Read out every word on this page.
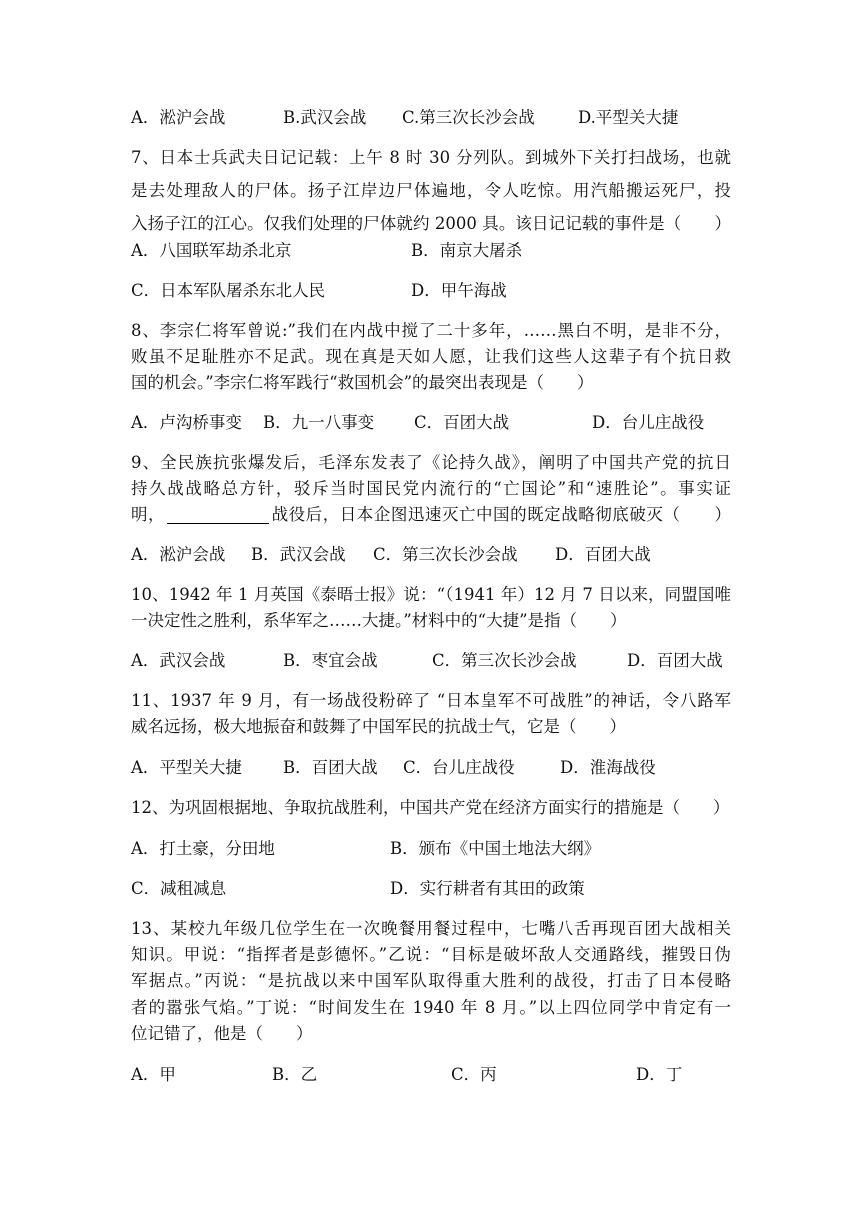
A．淞沪会战	B.武汉会战 C.第三次长沙会战	D.平型关大捷
7、日本士兵武夫日记记载：上午 8 时 30 分列队。到城外下关打扫战场，也就
是去处理敌人的尸体。扬子江岸边尸体遍地，令人吃惊。用汽船搬运死尸，投
入扬子江的江心。仅我们处理的尸体就约 2000 具。该日记记载的事件是（　　）
A．八国联军劫杀北京	B．南京大屠杀
C．日本军队屠杀东北人民	D．甲午海战
8、李宗仁将军曾说:”我们在内战中搅了二十多年，……黑白不明，是非不分，
败虽不足耻胜亦不足武。现在真是天如人愿，让我们这些人这辈子有个抗日救
国的机会。”李宗仁将军践行“救国机会”的最突出表现是（　　）
A．卢沟桥事变 B．九一八事变 C．百团大战	D．台儿庄战役
9、全民族抗张爆发后，毛泽东发表了《论持久战》，阐明了中国共产党的抗日
持久战战略总方针，驳斥当时国民党内流行的“亡国论”和“速胜论”。事实证
明，	战役后，日本企图迅速灭亡中国的既定战略彻底破灭（　　）
A．淞沪会战 B．武汉会战 C．第三次长沙会战 D．百团大战
10、1942 年 1 月英国《泰晤士报》说：“（1941 年）12 月 7 日以来，同盟国唯
一决定性之胜利，系华军之……大捷。”材料中的“大捷”是指（　　）
A．武汉会战	B．枣宜会战	C．第三次长沙会战	D．百团大战
11、1937 年 9 月，有一场战役粉碎了 “日本皇军不可战胜”的神话，令八路军
威名远扬，极大地振奋和鼓舞了中国军民的抗战士气，它是（　　）
A．平型关大捷 B．百团大战 C．台儿庄战役	D．淮海战役
12、为巩固根据地、争取抗战胜利，中国共产党在经济方面实行的措施是（　　）
A．打土豪，分田地	B．颁布《中国土地法大纲》
C．减租减息	D．实行耕者有其田的政策
13、某校九年级几位学生在一次晚餐用餐过程中，七嘴八舌再现百团大战相关
知识。甲说：“指挥者是彭德怀。”乙说：“目标是破坏敌人交通路线，摧毁日伪
军据点。”丙说：“是抗战以来中国军队取得重大胜利的战役，打击了日本侵略
者的嚣张气焰。”丁说：“时间发生在 1940 年 8 月。”以上四位同学中肯定有一
位记错了，他是（　　）
A．甲	B．乙	C．丙	D．丁
